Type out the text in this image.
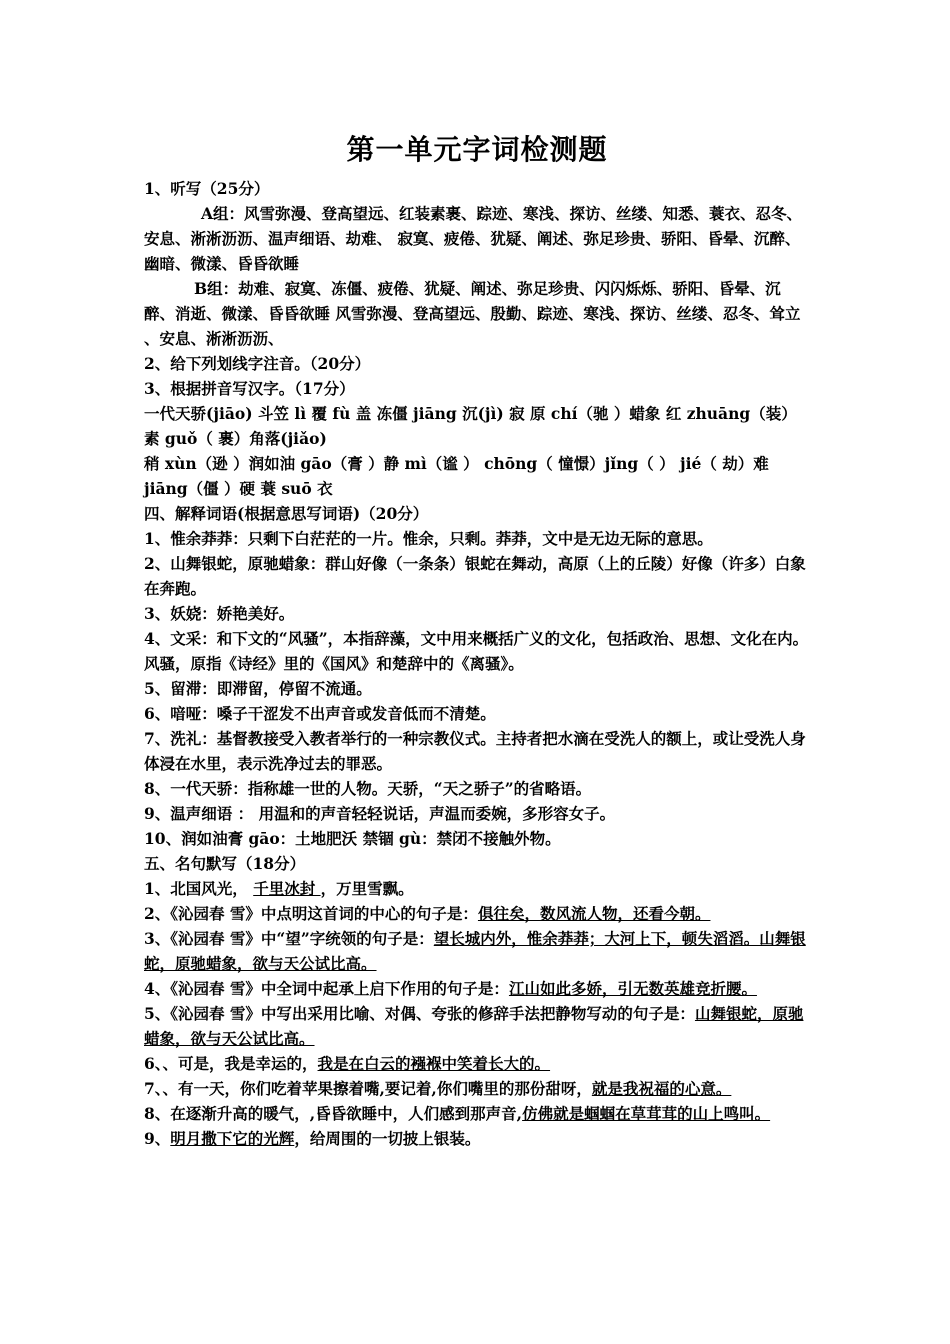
第一单元字词检测题

1、听写（25分）

A组：风雪弥漫、登高望远、红装素裹、踪迹、寒浅、探访、丝缕、知悉、蓑衣、忍冬、安息、淅淅沥沥、温声细语、劫难、 寂寞、疲倦、犹疑、阐述、弥足珍贵、骄阳、昏晕、沉醉、幽暗、微漾、昏昏欲睡

B组：劫难、寂寞、冻僵、疲倦、犹疑、阐述、弥足珍贵、闪闪烁烁、骄阳、昏晕、沉醉、消逝、微漾、昏昏欲睡 风雪弥漫、登高望远、殷勤、踪迹、寒浅、探访、丝缕、忍冬、耸立 、安息、淅淅沥沥、

2、给下列划线字注音。（20分）

3、根据拼音写汉字。（17分）

一代天骄(jiāo) 斗笠 lì 覆 fù 盖 冻僵 jiāng 沉(jì) 寂 原 chí（驰 ）蜡象 红 zhuāng（装）素 guǒ（ 裹）角落(jiǎo)

稍 xùn（逊 ）润如油 gāo（膏 ）静 mì（谧 ） chōng（ 憧憬）jǐng（ ） jié（ 劫）难

jiāng（僵 ）硬 蓑 suō 衣

四、解释词语(根据意思写词语)（20分）

1、惟余莽莽：只剩下白茫茫的一片。惟余，只剩。莽莽，文中是无边无际的意思。

2、山舞银蛇，原驰蜡象：群山好像（一条条）银蛇在舞动，高原（上的丘陵）好像（许多）白象在奔跑。

3、妖娆：娇艳美好。

4、文采：和下文的“风骚”，本指辞藻，文中用来概括广义的文化，包括政治、思想、文化在内。风骚，原指《诗经》里的《国风》和楚辞中的《离骚》。

5、留滞：即滞留，停留不流通。

6、喑哑：嗓子干涩发不出声音或发音低而不清楚。

7、洗礼：基督教接受入教者举行的一种宗教仪式。主持者把水滴在受洗人的额上，或让受洗人身体浸在水里，表示洗净过去的罪恶。

8、一代天骄：指称雄一世的人物。天骄，“天之骄子”的省略语。

9、温声细语 ： 用温和的声音轻轻说话，声温而委婉，多形容女子。

10、润如油膏 gāo：土地肥沃 禁锢 gù：禁闭不接触外物。

五、名句默写（18分）

1、北国风光， 千里冰封 ，万里雪飘。

2、《沁园春 雪》中点明这首词的中心的句子是：俱往矣，数风流人物，还看今朝。

3、《沁园春 雪》中“望”字统领的句子是：望长城内外，惟余莽莽；大河上下，顿失滔滔。山舞银蛇，原驰蜡象，欲与天公试比高。

4、《沁园春 雪》中全词中起承上启下作用的句子是：江山如此多娇，引无数英雄竞折腰。

5、《沁园春 雪》中写出采用比喻、对偶、夸张的修辞手法把静物写动的句子是：山舞银蛇，原驰蜡象，欲与天公试比高。

6、、可是，我是幸运的，我是在白云的襁褓中笑着长大的。

7、、有一天，你们吃着苹果擦着嘴,要记着,你们嘴里的那份甜呀，就是我祝福的心意。

8、在逐渐升高的暖气，,昏昏欲睡中，人们感到那声音,仿佛就是蝈蝈在草茸茸的山上鸣叫。

9、明月撒下它的光辉，给周围的一切披上银装。
